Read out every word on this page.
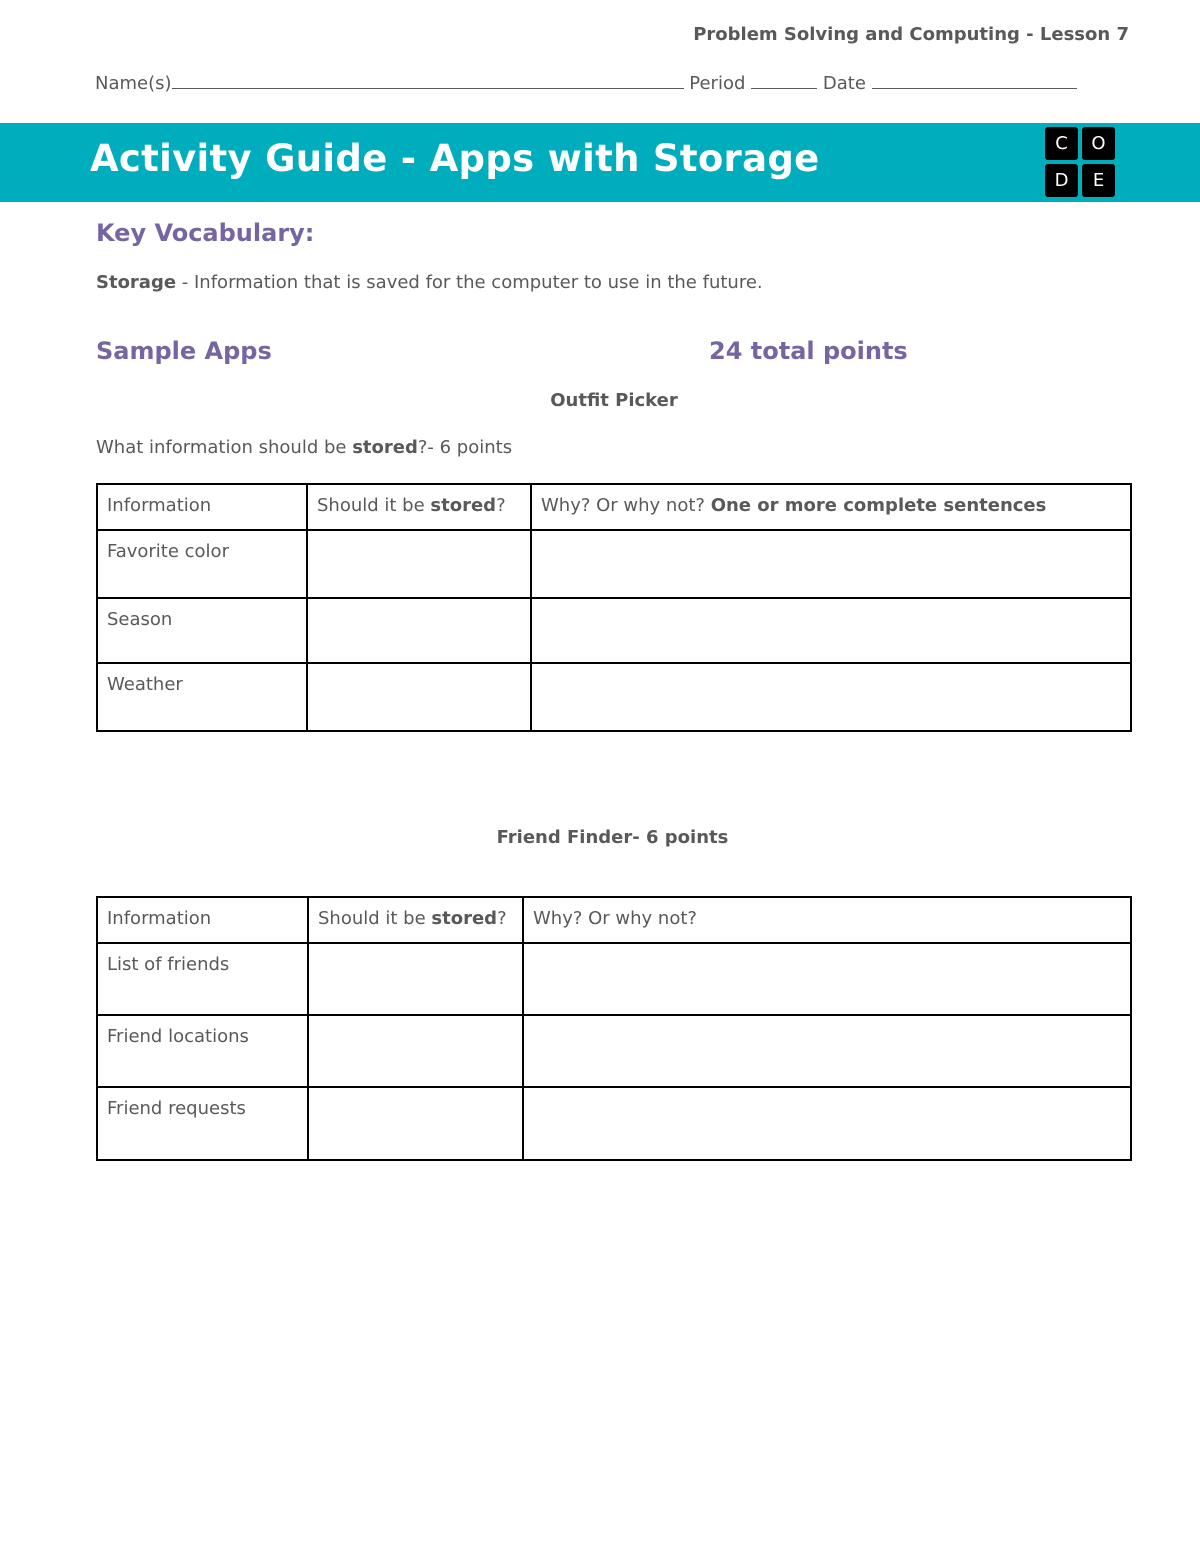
Problem Solving and Computing - Lesson 7
Name(s)	Period	Date
Activity Guide - Apps with Storage	C	O
D	E
Key Vocabulary:
Storage - Information that is saved for the computer to use in the future.
Sample Apps	24 total points
Outfit Picker
What information should be stored?- 6 points
Information	Should it be stored?	Why? Or why not? One or more complete sentences
Favorite color		
Season		
Weather		
Friend Finder- 6 points
Information	Should it be stored?	Why? Or why not?
List of friends		
Friend locations		
Friend requests		
